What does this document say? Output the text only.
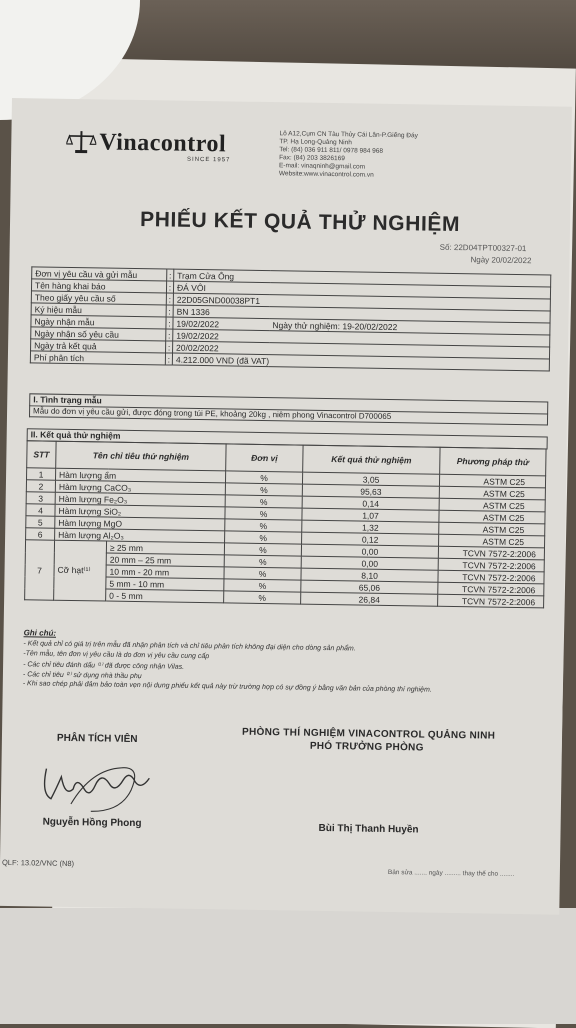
Vinacontrol
SINCE 1957
Lô A12,Cụm CN Tàu Thủy Cái Lân-P.Giếng Đáy
TP. Hạ Long-Quảng Ninh
Tel: (84) 036 911 811/ 0978 984 968
Fax: (84) 203 3826169
E-mail: vinaqninh@gmail.com
Website:www.vinacontrol.com.vn
PHIẾU KẾT QUẢ THỬ NGHIỆM
Số: 22D04TPT00327-01
Ngày 20/02/2022
Đơn vị yêu cầu và gửi mẫu	:	Trạm Cửa Ông	
Tên hàng khai báo	:	ĐÁ VÔI	
Theo giấy yêu cầu số	:	22D05GND00038PT1	
Ký hiệu mẫu	:	BN 1336	
Ngày nhận mẫu	:	19/02/2022	Ngày thử nghiệm: 19-20/02/2022
Ngày nhận số yêu cầu	:	19/02/2022	
Ngày trả kết quả	:	20/02/2022	
Phí phân tích	:	4.212.000 VND (đã VAT)	
I. Tình trạng mẫu
Mẫu do đơn vị yêu cầu gửi, được đóng trong túi PE, khoảng 20kg , niêm phong Vinacontrol D700065
II. Kết quả thử nghiệm
STT	Tên chỉ tiêu thử nghiệm		Đơn vị	Kết quả thử nghiệm	Phương pháp thử
1	Hàm lượng ẩm		%	3,05	ASTM C25
2	Hàm lượng CaCO₃		%	95,63	ASTM C25
3	Hàm lượng Fe₂O₃		%	0,14	ASTM C25
4	Hàm lượng SiO₂		%	1,07	ASTM C25
5	Hàm lượng MgO		%	1,32	ASTM C25
6	Hàm lượng Al₂O₃		%	0,12	ASTM C25
7	Cỡ hạt⁽¹⁾	≥ 25 mm	%	0,00	TCVN 7572-2:2006
		20 mm – 25 mm	%	0,00	TCVN 7572-2:2006
		10 mm - 20 mm	%	8,10	TCVN 7572-2:2006
		5 mm - 10 mm	%	65,06	TCVN 7572-2:2006
		0 - 5 mm	%	26,84	TCVN 7572-2:2006
Ghi chú:
- Kết quả chỉ có giá trị trên mẫu đã nhận phân tích và chỉ tiêu phân tích không đại diện cho dòng sản phẩm.
-Tên mẫu, tên đơn vị yêu cầu là do đơn vị yêu cầu cung cấp
- Các chỉ tiêu đánh dấu ⁽¹⁾ đã được công nhận Vilas.
- Các chỉ tiêu ⁽²⁾ sử dụng nhà thầu phụ
- Khi sao chép phải đảm bảo toàn vẹn nội dung phiếu kết quả này trừ trường hợp có sự đồng ý bằng văn bản của phòng thí nghiệm.
PHÒNG THÍ NGHIỆM VINACONTROL QUẢNG NINH
PHÓ TRƯỞNG PHÒNG
PHÂN TÍCH VIÊN
Nguyễn Hồng Phong
Bùi Thị Thanh Huyền
QLF: 13.02/VNC (N8)
Bản sửa ....... ngày ......... thay thế cho ........
